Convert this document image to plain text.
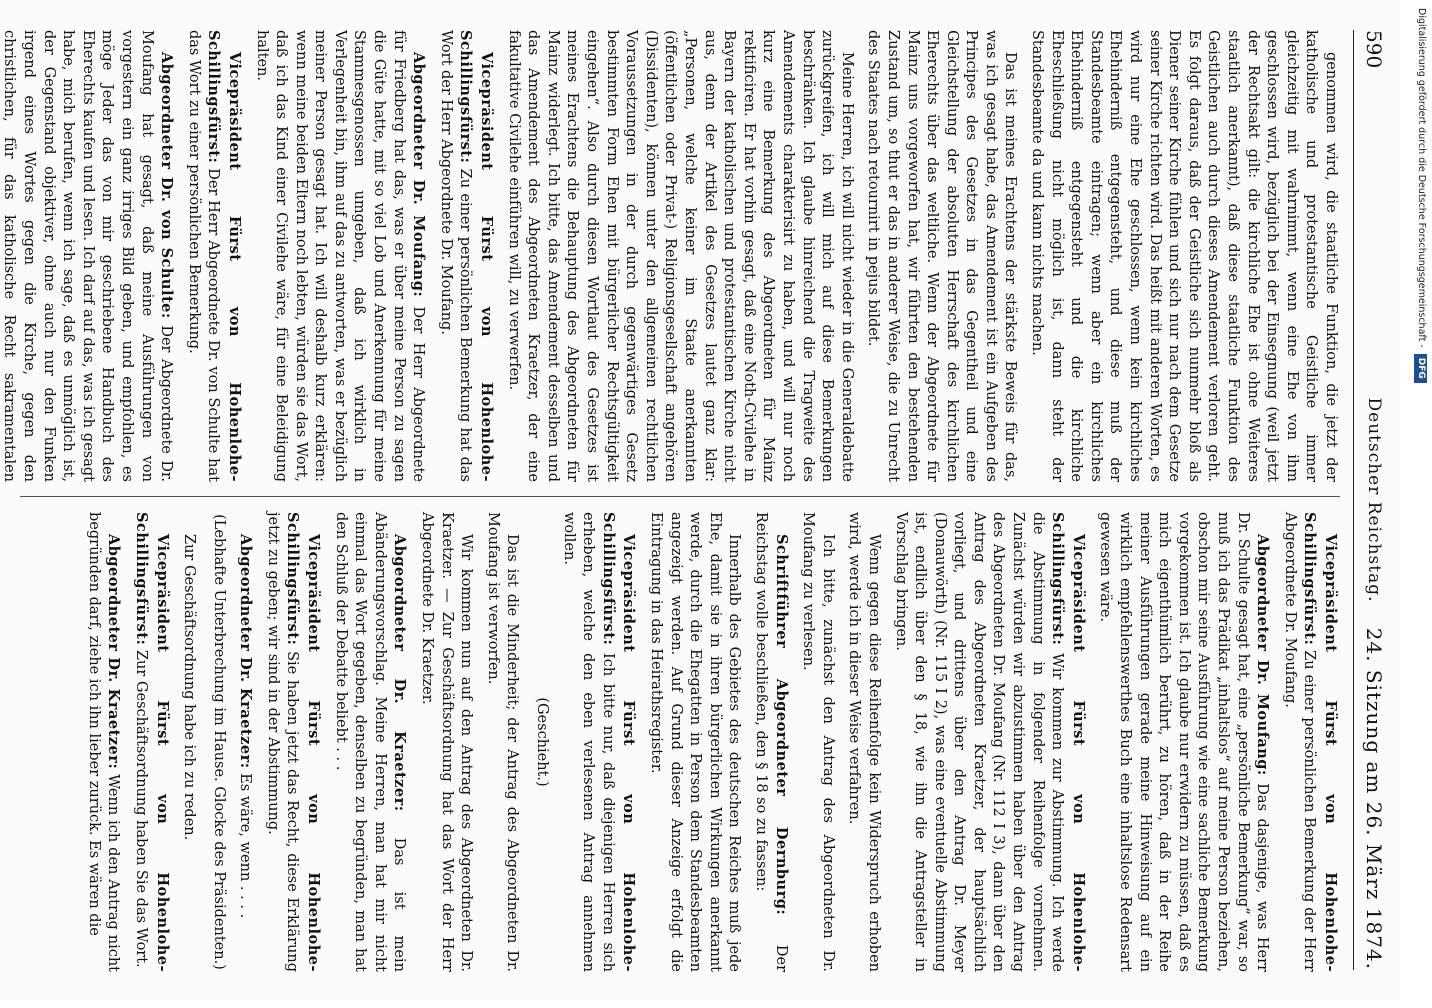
590
Deutscher Reichstag.
24. Sitzung am 26. März 1874.

genommen wird, die staatliche Funktion, die jetzt der katholische und protestantische Geistliche immer gleichzeitig mit wahrnimmt, wenn eine Ehe von ihm geschlossen wird, bezüglich bei der Einsegnung (weil jetzt der Rechtsakt gilt: die kirchliche Ehe ist ohne Weiteres staatlich anerkannt), daß diese staatliche Funktion des Geistlichen auch durch dieses Amendement verloren geht. Es folgt daraus, daß der Geistliche sich nunmehr bloß als Diener seiner Kirche fühlen und sich nur nach dem Gesetze seiner Kirche richten wird. Das heißt mit anderen Worten, es wird nur eine Ehe geschlossen, wenn kein kirchliches Ehehinderniß entgegensteht, und diese muß der Standesbeamte eintragen; wenn aber ein kirchliches Ehehinderniß entgegensteht und die kirchliche Eheschließung nicht möglich ist, dann steht der Standesbeamte da und kann nichts machen.

Das ist meines Erachtens der stärkste Beweis für das, was ich gesagt habe, das Amendement ist ein Aufgeben des Principes des Gesetzes in das Gegentheil und eine Gleichstellung der absoluten Herrschaft des kirchlichen Eherechts über das weltliche. Wenn der Abgeordnete für Mainz uns vorgeworfen hat, wir führten den bestehenden Zustand um, so thut er das in anderer Weise, die zu Unrecht des Staates nach retournirt in pejus bildet.

Meine Herren, ich will nicht wieder in die Generaldebatte zurückgreifen, ich will mich auf diese Bemerkungen beschränken. Ich glaube hinreichend die Tragweite des Amendements charakterisirt zu haben, und will nur noch kurz eine Bemerkung des Abgeordneten für Mainz rektificiren. Er hat vorhin gesagt, daß eine Noth-Civilehe in Bayern der katholischen und protestantischen Kirche nicht aus, denn der Artikel des Gesetzes lautet ganz klar: „Personen, welche keiner im Staate anerkannten (öffentlichen oder Privat-) Religionsgesellschaft angehören (Dissidenten), können unter den allgemeinen rechtlichen Voraussetzungen in der durch gegenwärtiges Gesetz bestimmten Form Ehen mit bürgerlicher Rechtsgültigkeit eingehen“. Also durch diesen Wortlaut des Gesetzes ist meines Erachtens die Behauptung des Abgeordneten für Mainz widerlegt. Ich bitte, das Amendement desselben und das Amendement des Abgeordneten Kraetzer, der eine fakultative Civilehe einführen will, zu verwerfen.

Vicepräsident Fürst von Hohenlohe-Schillingsfürst: Zu einer persönlichen Bemerkung hat das Wort der Herr Abgeordnete Dr. Moufang.

Abgeordneter Dr. Moufang: Der Herr Abgeordnete für Friedberg hat das, was er über meine Person zu sagen die Güte hatte, mit so viel Lob und Anerkennung für meine Stammesgenossen umgeben, daß ich wirklich in Verlegenheit bin, ihm auf das zu antworten, was er bezüglich meiner Person gesagt hat. Ich will deshalb kurz erklären: wenn meine beiden Eltern noch lebten, würden sie das Wort, daß ich das Kind einer Civilehe wäre, für eine Beleidigung halten.

Vicepräsident Fürst von Hohenlohe-Schillingsfürst: Der Herr Abgeordnete Dr. von Schulte hat das Wort zu einer persönlichen Bemerkung.

Abgeordneter Dr. von Schulte: Der Abgeordnete Dr. Moufang hat gesagt, daß meine Ausführungen von vorgestern ein ganz irriges Bild geben, und empfohlen, es möge Jeder das von mir geschriebene Handbuch des Eherechts kaufen und lesen. Ich darf auf das, was ich gesagt habe, mich berufen, wenn ich sage, daß es unmöglich ist, der Gegenstand objektiver, ohne auch nur den Funken irgend eines Wortes gegen die Kirche, gegen den christlichen, für das katholische Recht sakramentalen

Vicepräsident Fürst von Hohenlohe-Schillingsfürst: Zu einer persönlichen Bemerkung der Herr Abgeordnete Dr. Moufang.

Abgeordneter Dr. Moufang: Das dasjenige, was Herr Dr. Schulte gesagt hat, eine „persönliche Bemerkung“ war, so muß ich das Prädikat „inhaltslos“ auf meine Person beziehen, obschon mir seine Ausführung wie eine sachliche Bemerkung vorgekommen ist. Ich glaube nur erwidern zu müssen, daß es mich eigenthümlich berührt, zu hören, daß in der Reihe meiner Ausführungen gerade meine Hinweisung auf ein wirklich empfehlenswerthes Buch eine inhaltslose Redensart gewesen wäre.

Vicepräsident Fürst von Hohenlohe-Schillingsfürst: Wir kommen zur Abstimmung. Ich werde die Abstimmung in folgender Reihenfolge vornehmen. Zunächst würden wir abzustimmen haben über den Antrag des Abgeordneten Dr. Moufang (Nr. 112 I 3), dann über den Antrag des Abgeordneten Kraetzer, der hauptsächlich vorliegt, und drittens über den Antrag Dr. Meyer (Donauwörth) (Nr. 115 I 2), was eine eventuelle Abstimmung ist, endlich über den § 18, wie ihn die Antragsteller in Vorschlag bringen.

Wenn gegen diese Reihenfolge kein Widerspruch erhoben wird, werde ich in dieser Weise verfahren.

Ich bitte, zunächst den Antrag des Abgeordneten Dr. Moufang zu verlesen.

Schriftführer Abgeordneter Dernburg: Der Reichstag wolle beschließen, den § 18 so zu fassen:

Innerhalb des Gebietes des deutschen Reiches muß jede Ehe, damit sie in ihren bürgerlichen Wirkungen anerkannt werde, durch die Ehegatten in Person dem Standesbeamten angezeigt werden. Auf Grund dieser Anzeige erfolgt die Eintragung in das Heirathsregister.

Vicepräsident Fürst von Hohenlohe-Schillingsfürst: Ich bitte nur, daß diejenigen Herren sich erheben, welche den eben verlesenen Antrag annehmen wollen.

(Geschieht.)

Das ist die Minderheit; der Antrag des Abgeordneten Dr. Moufang ist verworfen.

Wir kommen nun auf den Antrag des Abgeordneten Dr. Kraetzer. — Zur Geschäftsordnung hat das Wort der Herr Abgeordnete Dr. Kraetzer.

Abgeordneter Dr. Kraetzer: Das ist mein Abänderungsvorschlag. Meine Herren, man hat mir nicht einmal das Wort gegeben, denselben zu begründen, man hat den Schluß der Debatte beliebt . . .

Vicepräsident Fürst von Hohenlohe-Schillingsfürst: Sie haben jetzt das Recht, diese Erklärung jetzt zu geben; wir sind in der Abstimmung.

Abgeordneter Dr. Kraetzer: Es wäre, wenn . . . .

(Lebhafte Unterbrechung im Hause. Glocke des Präsidenten.)

Zur Geschäftsordnung habe ich zu reden.

Vicepräsident Fürst von Hohenlohe-Schillingsfürst: Zur Geschäftsordnung haben Sie das Wort.

Abgeordneter Dr. Kraetzer: Wenn ich den Antrag nicht begründen darf, ziehe ich ihn lieber zurück. Es wären die

Digitalisierung gefördert durch die Deutsche Forschungsgemeinschaft -DFG
